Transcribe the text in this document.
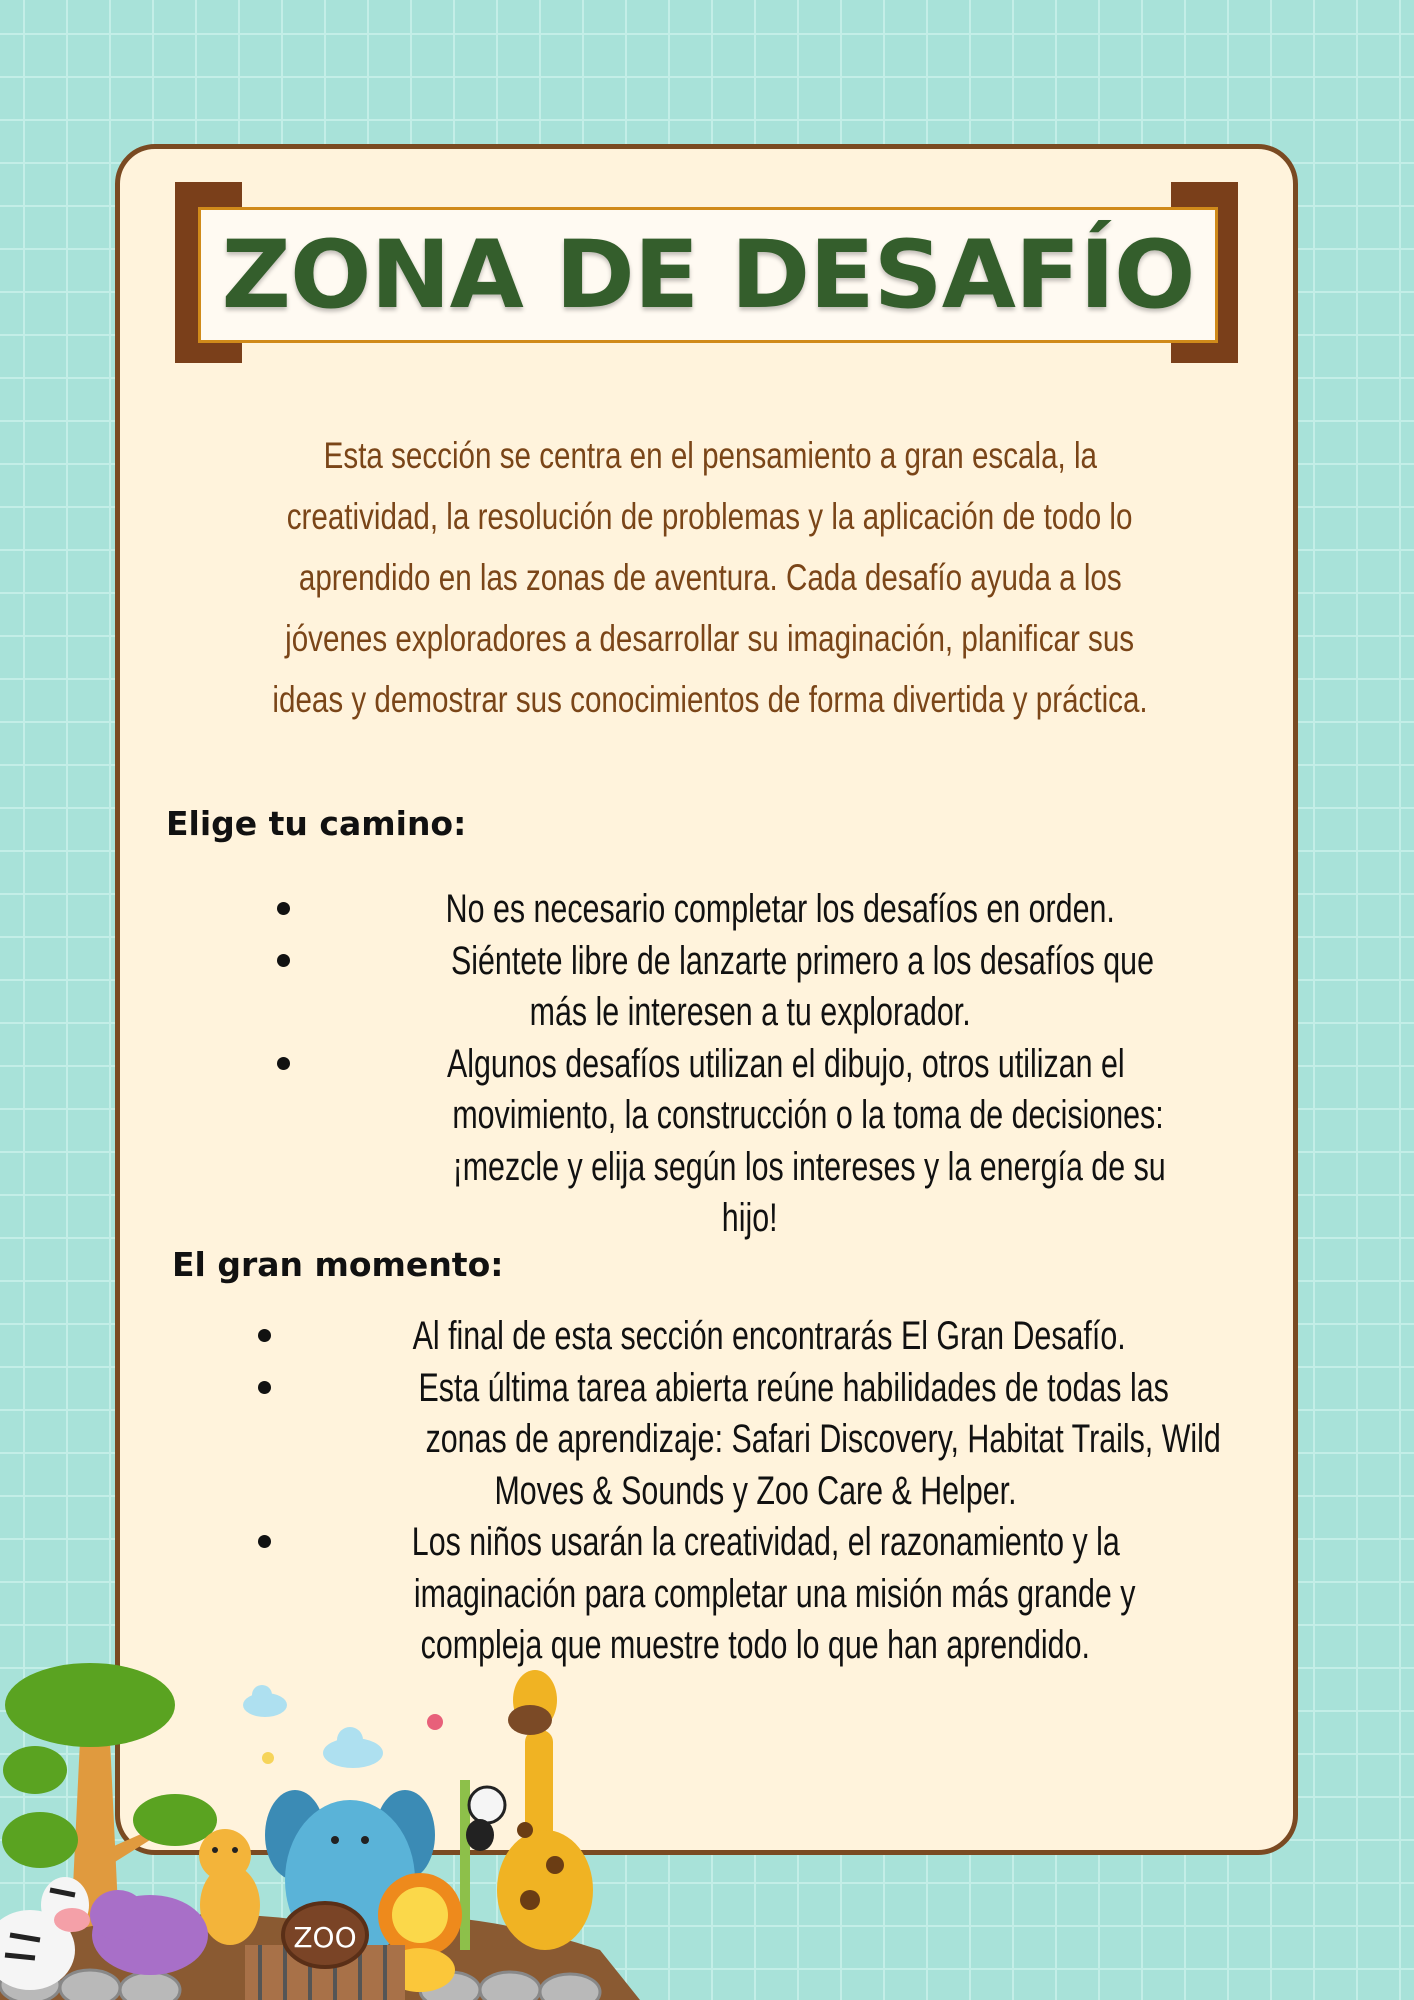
ZONA DE DESAFÍO
Esta sección se centra en el pensamiento a gran escala, la
creatividad, la resolución de problemas y la aplicación de todo lo
aprendido en las zonas de aventura. Cada desafío ayuda a los
jóvenes exploradores a desarrollar su imaginación, planificar sus
ideas y demostrar sus conocimientos de forma divertida y práctica.
Elige tu camino:
No es necesario completar los desafíos en orden.
Siéntete libre de lanzarte primero a los desafíos que
más le interesen a tu explorador.
Algunos desafíos utilizan el dibujo, otros utilizan el
movimiento, la construcción o la toma de decisiones:
¡mezcle y elija según los intereses y la energía de su
hijo!
El gran momento:
Al final de esta sección encontrarás El Gran Desafío.
Esta última tarea abierta reúne habilidades de todas las
zonas de aprendizaje: Safari Discovery, Habitat Trails, Wild
Moves & Sounds y Zoo Care & Helper.
Los niños usarán la creatividad, el razonamiento y la
imaginación para completar una misión más grande y
compleja que muestre todo lo que han aprendido.
ZOO
